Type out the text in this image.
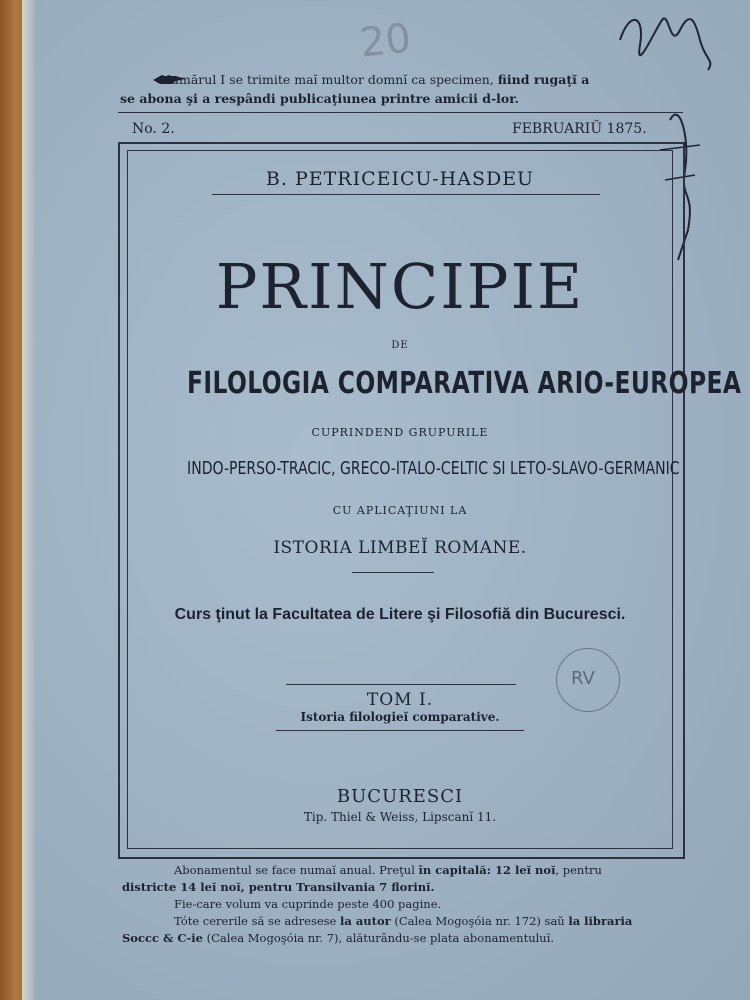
20
Numărul I se trimite maĭ multor domnĭ ca specimen, fiind rugaţĭ a
se abona şi a respândi publicaţiunea printre amicii d-lor.
No. 2.	FEBRUARIŬ 1875.
B. PETRICEICU-HASDEU
PRINCIPIE
DE
FILOLOGIA COMPARATIVA ARIO-EUROPEA
CUPRINDEND GRUPURILE
INDO-PERSO-TRACIC, GRECO-ITALO-CELTIC SI LETO-SLAVO-GERMANIC
CU APLICAŢIUNI LA
ISTORIA LIMBEĬ ROMANE.
Curs ţinut la Facultatea de Litere şi Filosofiă din Bucuresci.
TOM I.
Istoria filologieĭ comparative.
RV
BUCURESCI
Tip. Thiel & Weiss, Lipscanĭ 11.
Abonamentul se face numaĭ anual. Preţul în capitală: 12 leĭ noĭ, pentru
districte 14 leĭ noĭ, pentru Transilvania 7 florinĭ.
Fie-care volum va cuprinde peste 400 pagine.
Tóte cererile să se adresese la autor (Calea Mogoşóia nr. 172) saŭ la libraria
Soccc & C-ie (Calea Mogoşóia nr. 7), alăturându-se plata abonamentuluĭ.
